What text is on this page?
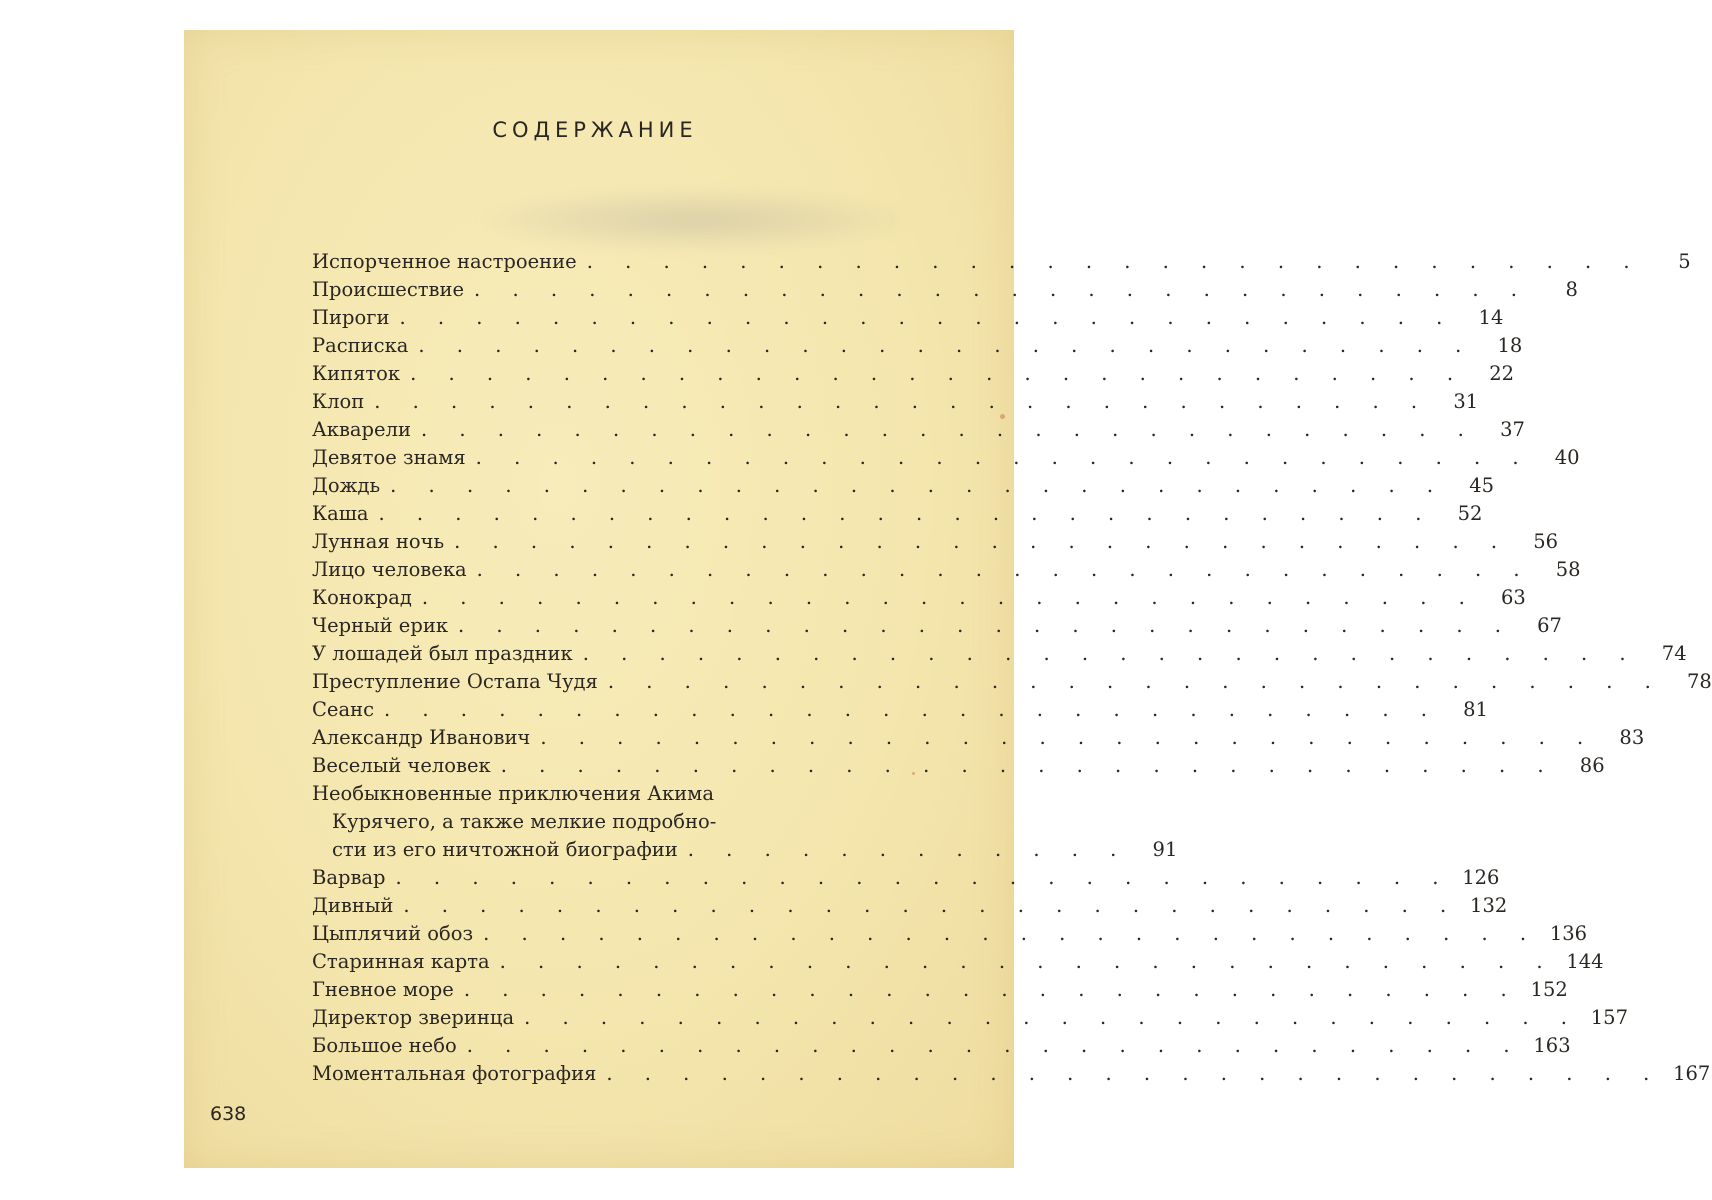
СОДЕРЖАНИЕ
Испорченное настроение . . . . . . . . . . . . . . . . . . . . . . . . . . . .	5
Происшествие . . . . . . . . . . . . . . . . . . . . . . . . . . . .	8
Пироги . . . . . . . . . . . . . . . . . . . . . . . . . . . .	14
Расписка . . . . . . . . . . . . . . . . . . . . . . . . . . . .	18
Кипяток . . . . . . . . . . . . . . . . . . . . . . . . . . . .	22
Клоп . . . . . . . . . . . . . . . . . . . . . . . . . . . .	31
Акварели . . . . . . . . . . . . . . . . . . . . . . . . . . . .	37
Девятое знамя . . . . . . . . . . . . . . . . . . . . . . . . . . . .	40
Дождь . . . . . . . . . . . . . . . . . . . . . . . . . . . .	45
Каша . . . . . . . . . . . . . . . . . . . . . . . . . . . .	52
Лунная ночь . . . . . . . . . . . . . . . . . . . . . . . . . . . .	56
Лицо человека . . . . . . . . . . . . . . . . . . . . . . . . . . . .	58
Конокрад . . . . . . . . . . . . . . . . . . . . . . . . . . . .	63
Черный ерик . . . . . . . . . . . . . . . . . . . . . . . . . . . .	67
У лошадей был праздник . . . . . . . . . . . . . . . . . . . . . . . . . . . .	74
Преступление Остапа Чудя . . . . . . . . . . . . . . . . . . . . . . . . . . . .	78
Сеанс . . . . . . . . . . . . . . . . . . . . . . . . . . . .	81
Александр Иванович . . . . . . . . . . . . . . . . . . . . . . . . . . . .	83
Веселый человек . . . . . . . . . . . . . . . . . . . . . . . . . . . .	86
Необыкновенные приключения Акима
Курячего, а также мелкие подробно-
сти из его ничтожной биографии . . . . . . . . . . . .	91
Варвар . . . . . . . . . . . . . . . . . . . . . . . . . . . . 126
Дивный . . . . . . . . . . . . . . . . . . . . . . . . . . . . 132
Цыплячий обоз . . . . . . . . . . . . . . . . . . . . . . . . . . . . 136
Старинная карта . . . . . . . . . . . . . . . . . . . . . . . . . . . . 144
Гневное море . . . . . . . . . . . . . . . . . . . . . . . . . . . . 152
Директор зверинца . . . . . . . . . . . . . . . . . . . . . . . . . . . . 157
Большое небо . . . . . . . . . . . . . . . . . . . . . . . . . . . . 163
Моментальная фотография . . . . . . . . . . . . . . . . . . . . . . . . . . . . 167
638
